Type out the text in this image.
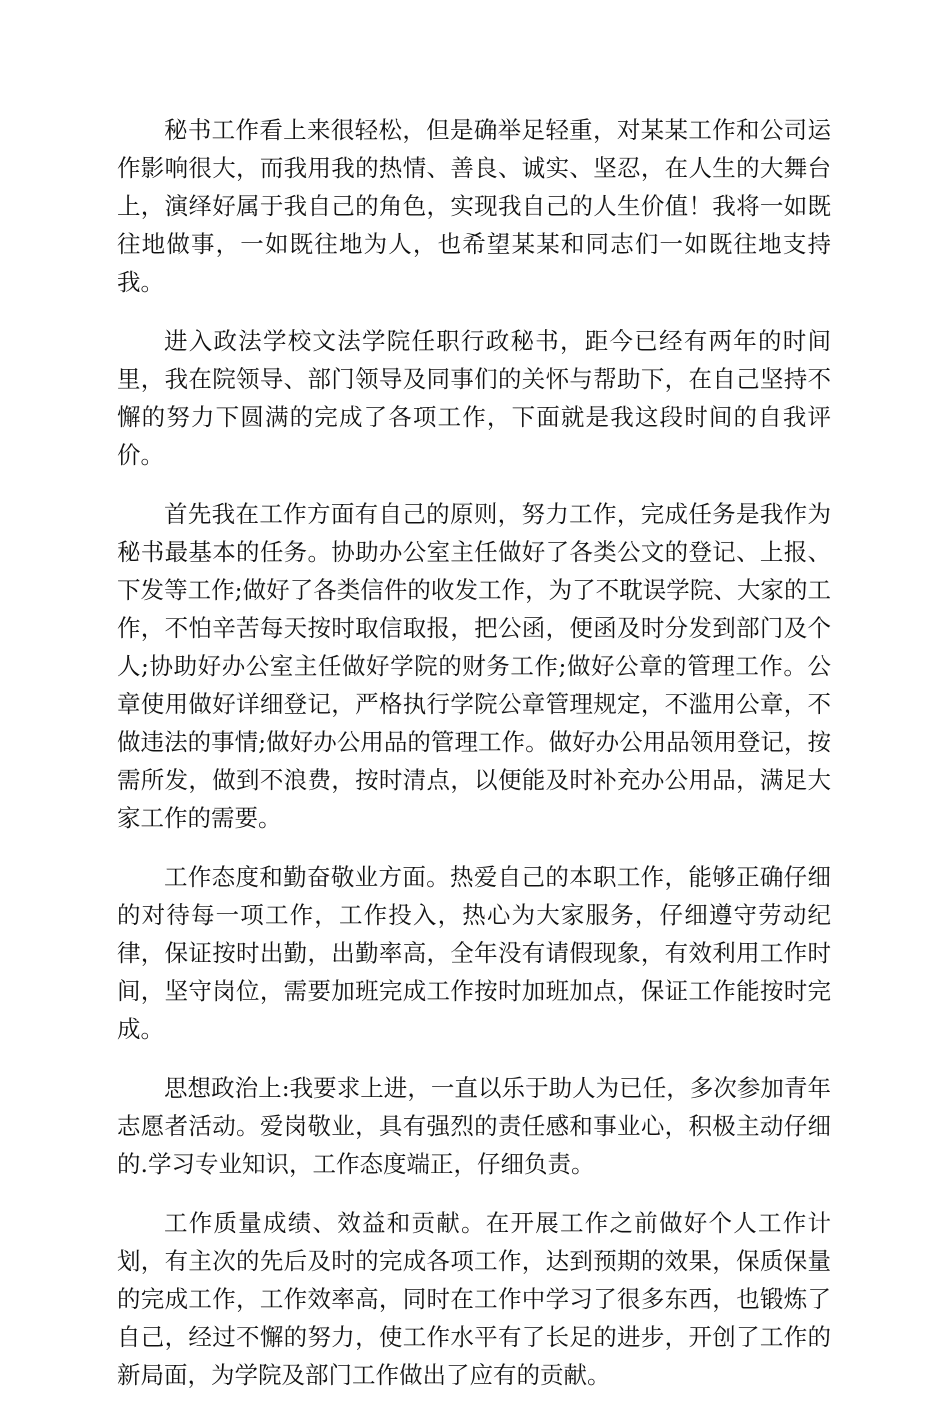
秘书工作看上来很轻松，但是确举足轻重，对某某工作和公司运作影响很大，而我用我的热情、善良、诚实、坚忍，在人生的大舞台上，演绎好属于我自己的角色，实现我自己的人生价值！我将一如既往地做事，一如既往地为人，也希望某某和同志们一如既往地支持我。

进入政法学校文法学院任职行政秘书，距今已经有两年的时间里，我在院领导、部门领导及同事们的关怀与帮助下，在自己坚持不懈的努力下圆满的完成了各项工作，下面就是我这段时间的自我评价。

首先我在工作方面有自己的原则，努力工作，完成任务是我作为秘书最基本的任务。协助办公室主任做好了各类公文的登记、上报、下发等工作;做好了各类信件的收发工作，为了不耽误学院、大家的工作，不怕辛苦每天按时取信取报，把公函，便函及时分发到部门及个人;协助好办公室主任做好学院的财务工作;做好公章的管理工作。公章使用做好详细登记，严格执行学院公章管理规定，不滥用公章，不做违法的事情;做好办公用品的管理工作。做好办公用品领用登记，按需所发，做到不浪费，按时清点，以便能及时补充办公用品，满足大家工作的需要。

工作态度和勤奋敬业方面。热爱自己的本职工作，能够正确仔细的对待每一项工作，工作投入，热心为大家服务，仔细遵守劳动纪律，保证按时出勤，出勤率高，全年没有请假现象，有效利用工作时间，坚守岗位，需要加班完成工作按时加班加点，保证工作能按时完成。

思想政治上:我要求上进，一直以乐于助人为已任，多次参加青年志愿者活动。爱岗敬业，具有强烈的责任感和事业心，积极主动仔细的.学习专业知识，工作态度端正，仔细负责。

工作质量成绩、效益和贡献。在开展工作之前做好个人工作计划，有主次的先后及时的完成各项工作，达到预期的效果，保质保量的完成工作，工作效率高，同时在工作中学习了很多东西，也锻炼了自己，经过不懈的努力，使工作水平有了长足的进步，开创了工作的新局面，为学院及部门工作做出了应有的贡献。
